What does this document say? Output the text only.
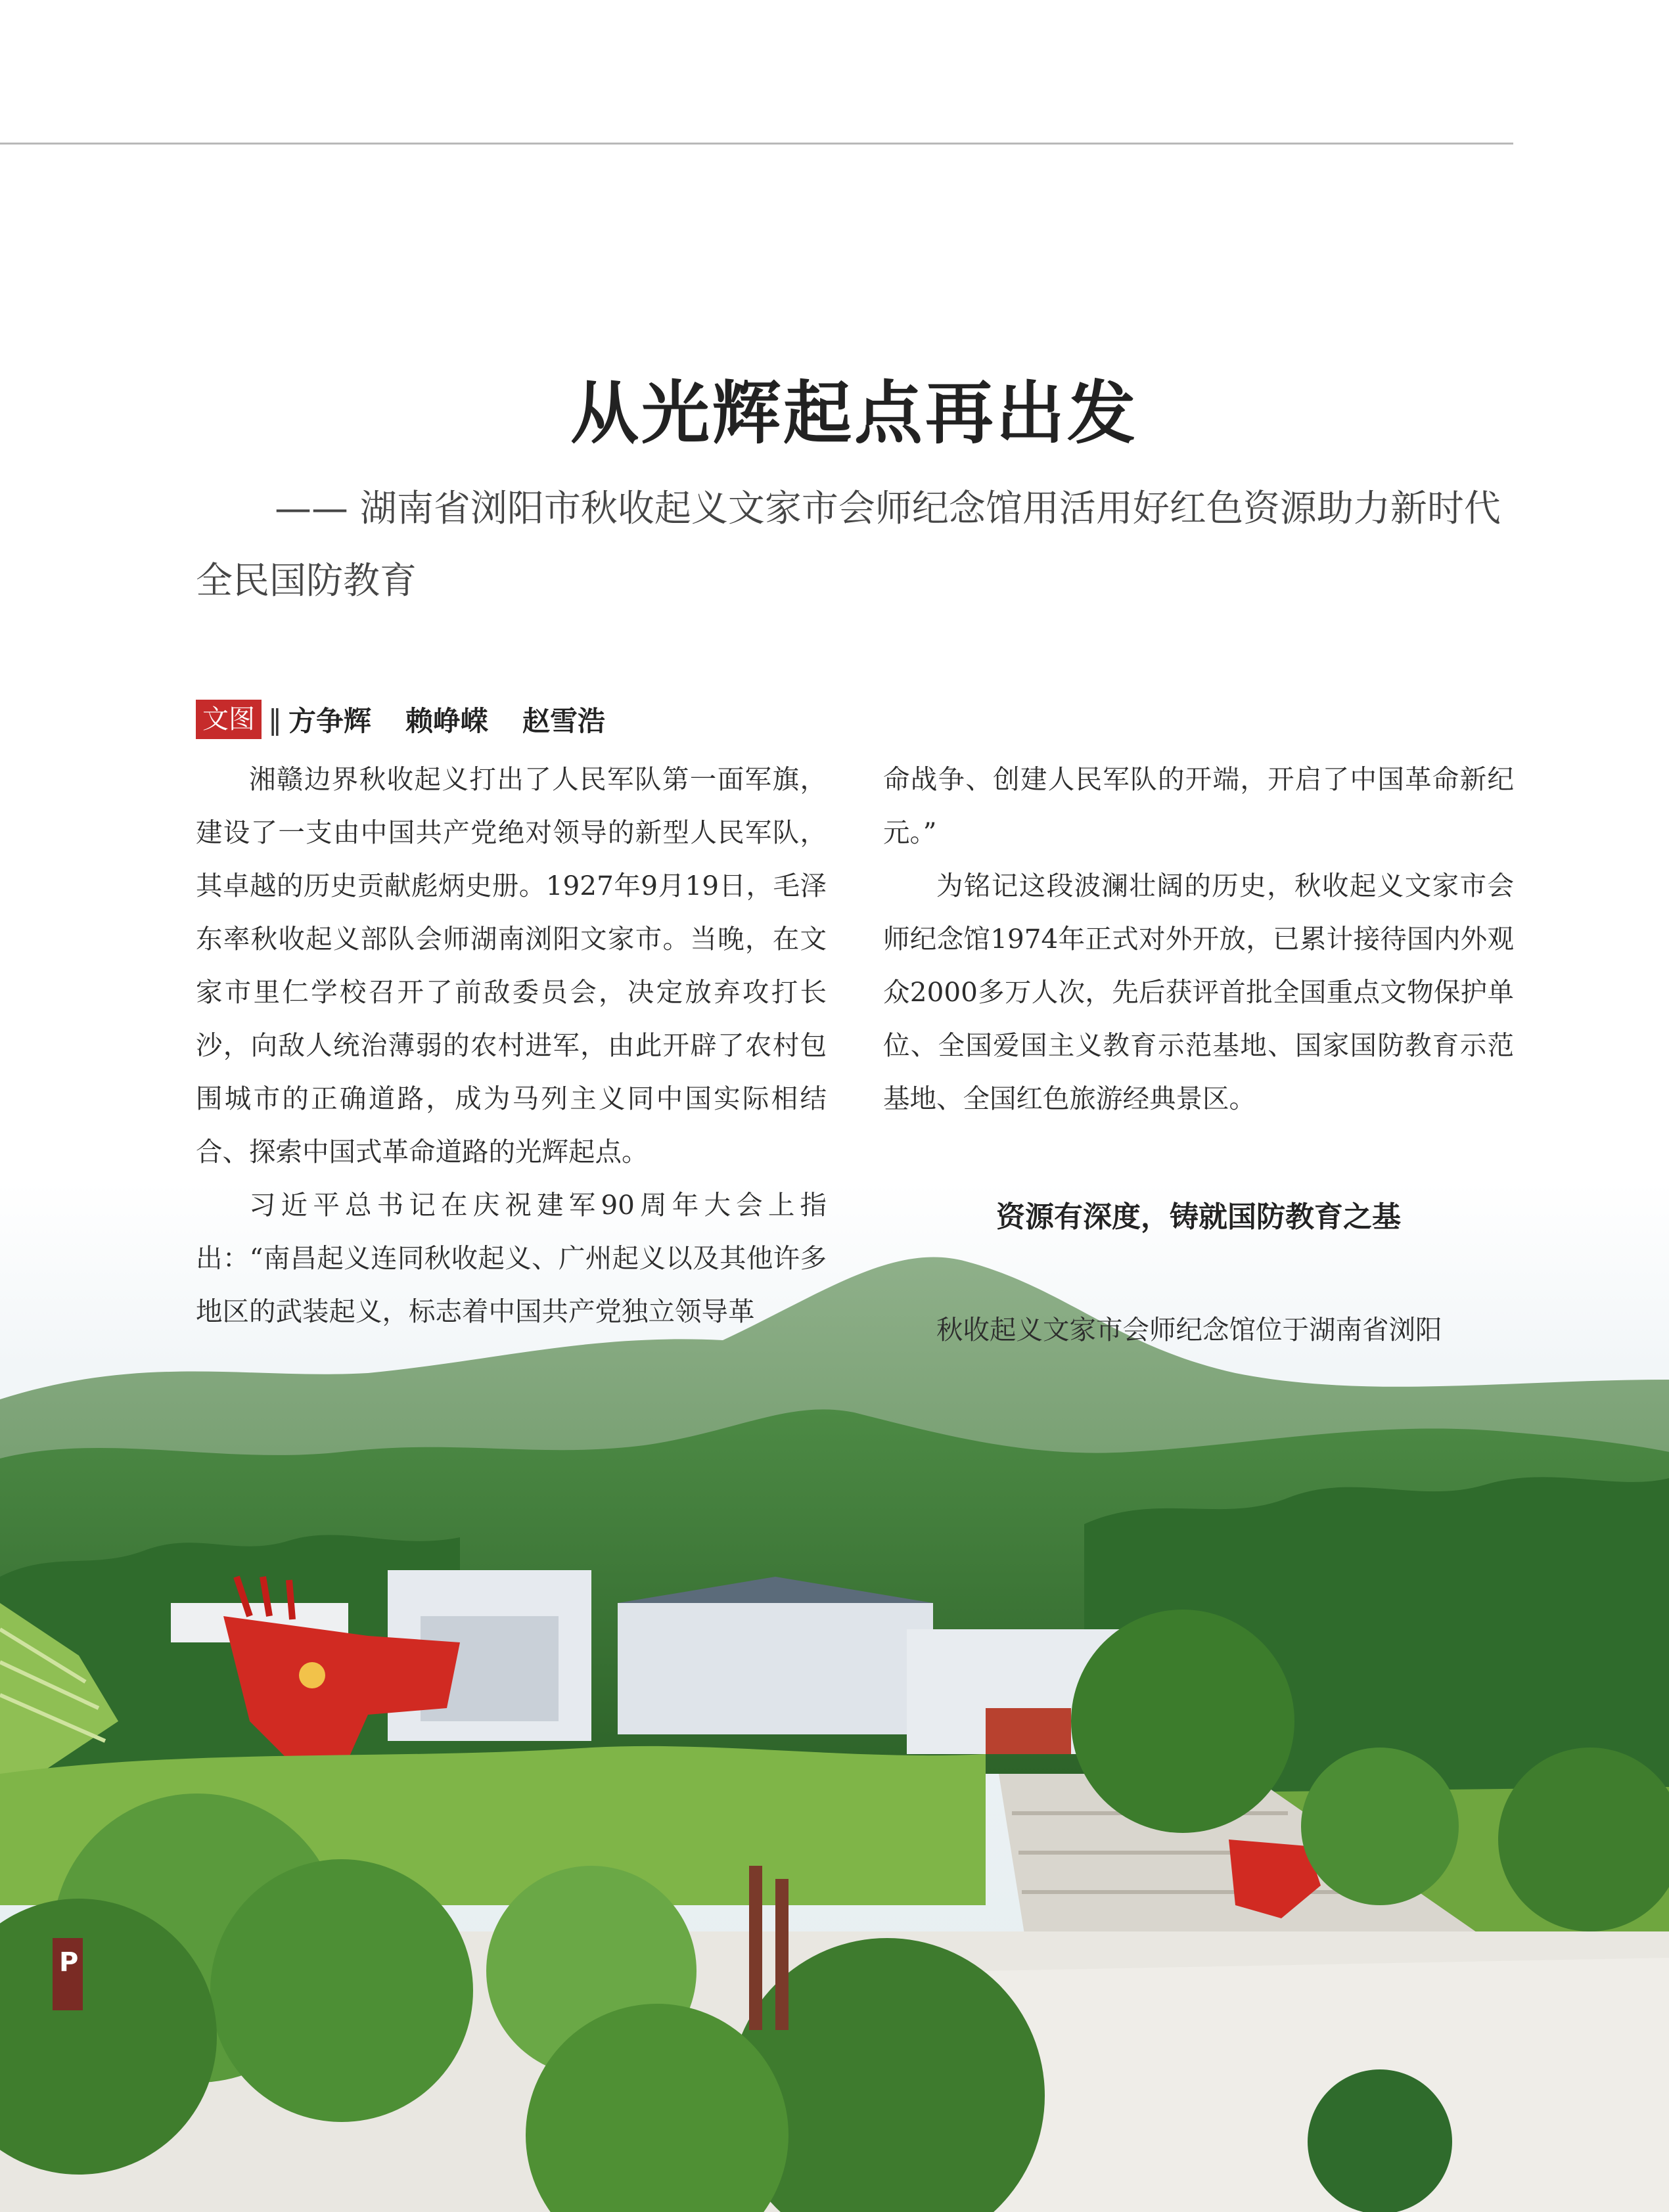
从光辉起点再出发

—— 湖南省浏阳市秋收起义文家市会师纪念馆用活用好红色资源助力新时代全民国防教育

文图 ‖ 方争辉 赖峥嵘 赵雪浩

湘赣边界秋收起义打出了人民军队第一面军旗，建设了一支由中国共产党绝对领导的新型人民军队，其卓越的历史贡献彪炳史册。1927年9月19日，毛泽东率秋收起义部队会师湖南浏阳文家市。当晚，在文家市里仁学校召开了前敌委员会，决定放弃攻打长沙，向敌人统治薄弱的农村进军，由此开辟了农村包围城市的正确道路，成为马列主义同中国实际相结合、探索中国式革命道路的光辉起点。

习近平总书记在庆祝建军90周年大会上指出：“南昌起义连同秋收起义、广州起义以及其他许多地区的武装起义，标志着中国共产党独立领导革

命战争、创建人民军队的开端，开启了中国革命新纪元。”

为铭记这段波澜壮阔的历史，秋收起义文家市会师纪念馆1974年正式对外开放，已累计接待国内外观众2000多万人次，先后获评首批全国重点文物保护单位、全国爱国主义教育示范基地、国家国防教育示范基地、全国红色旅游经典景区。

资源有深度，铸就国防教育之基

秋收起义文家市会师纪念馆位于湖南省浏阳

P
